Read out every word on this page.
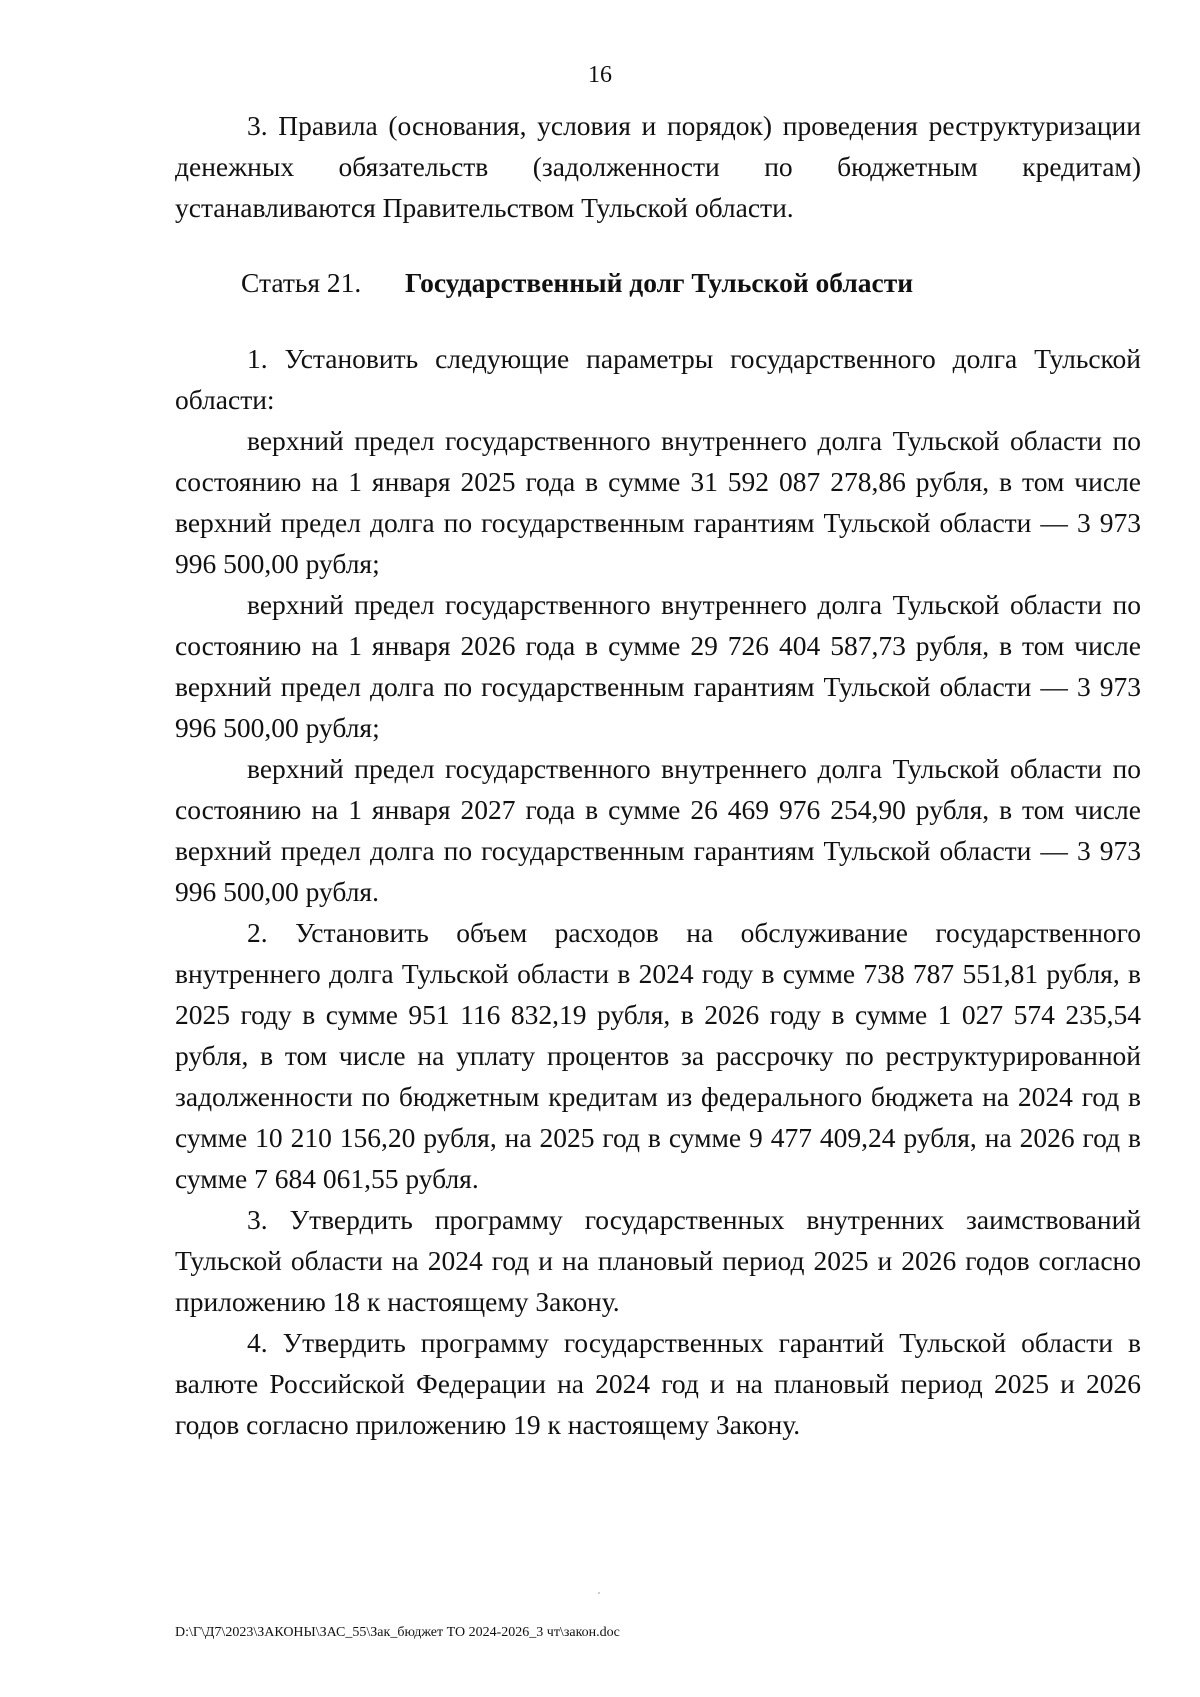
16

3. Правила (основания, условия и порядок) проведения реструктуризации денежных обязательств (задолженности по бюджетным кредитам) устанавливаются Правительством Тульской области.

Статья 21. Государственный долг Тульской области

1. Установить следующие параметры государственного долга Тульской области:

верхний предел государственного внутреннего долга Тульской области по состоянию на 1 января 2025 года в сумме 31 592 087 278,86 рубля, в том числе верхний предел долга по государственным гарантиям Тульской области — 3 973 996 500,00 рубля;

верхний предел государственного внутреннего долга Тульской области по состоянию на 1 января 2026 года в сумме 29 726 404 587,73 рубля, в том числе верхний предел долга по государственным гарантиям Тульской области — 3 973 996 500,00 рубля;

верхний предел государственного внутреннего долга Тульской области по состоянию на 1 января 2027 года в сумме 26 469 976 254,90 рубля, в том числе верхний предел долга по государственным гарантиям Тульской области — 3 973 996 500,00 рубля.

2. Установить объем расходов на обслуживание государственного внутреннего долга Тульской области в 2024 году в сумме 738 787 551,81 рубля, в 2025 году в сумме 951 116 832,19 рубля, в 2026 году в сумме 1 027 574 235,54 рубля, в том числе на уплату процентов за рассрочку по реструктурированной задолженности по бюджетным кредитам из федерального бюджета на 2024 год в сумме 10 210 156,20 рубля, на 2025 год в сумме 9 477 409,24 рубля, на 2026 год в сумме 7 684 061,55 рубля.

3. Утвердить программу государственных внутренних заимствований Тульской области на 2024 год и на плановый период 2025 и 2026 годов согласно приложению 18 к настоящему Закону.

4. Утвердить программу государственных гарантий Тульской области в валюте Российской Федерации на 2024 год и на плановый период 2025 и 2026 годов согласно приложению 19 к настоящему Закону.

D:\Г\Д7\2023\ЗАКОНЫ\ЗАС_55\Зак_бюджет ТО 2024-2026_3 чт\закон.doc
